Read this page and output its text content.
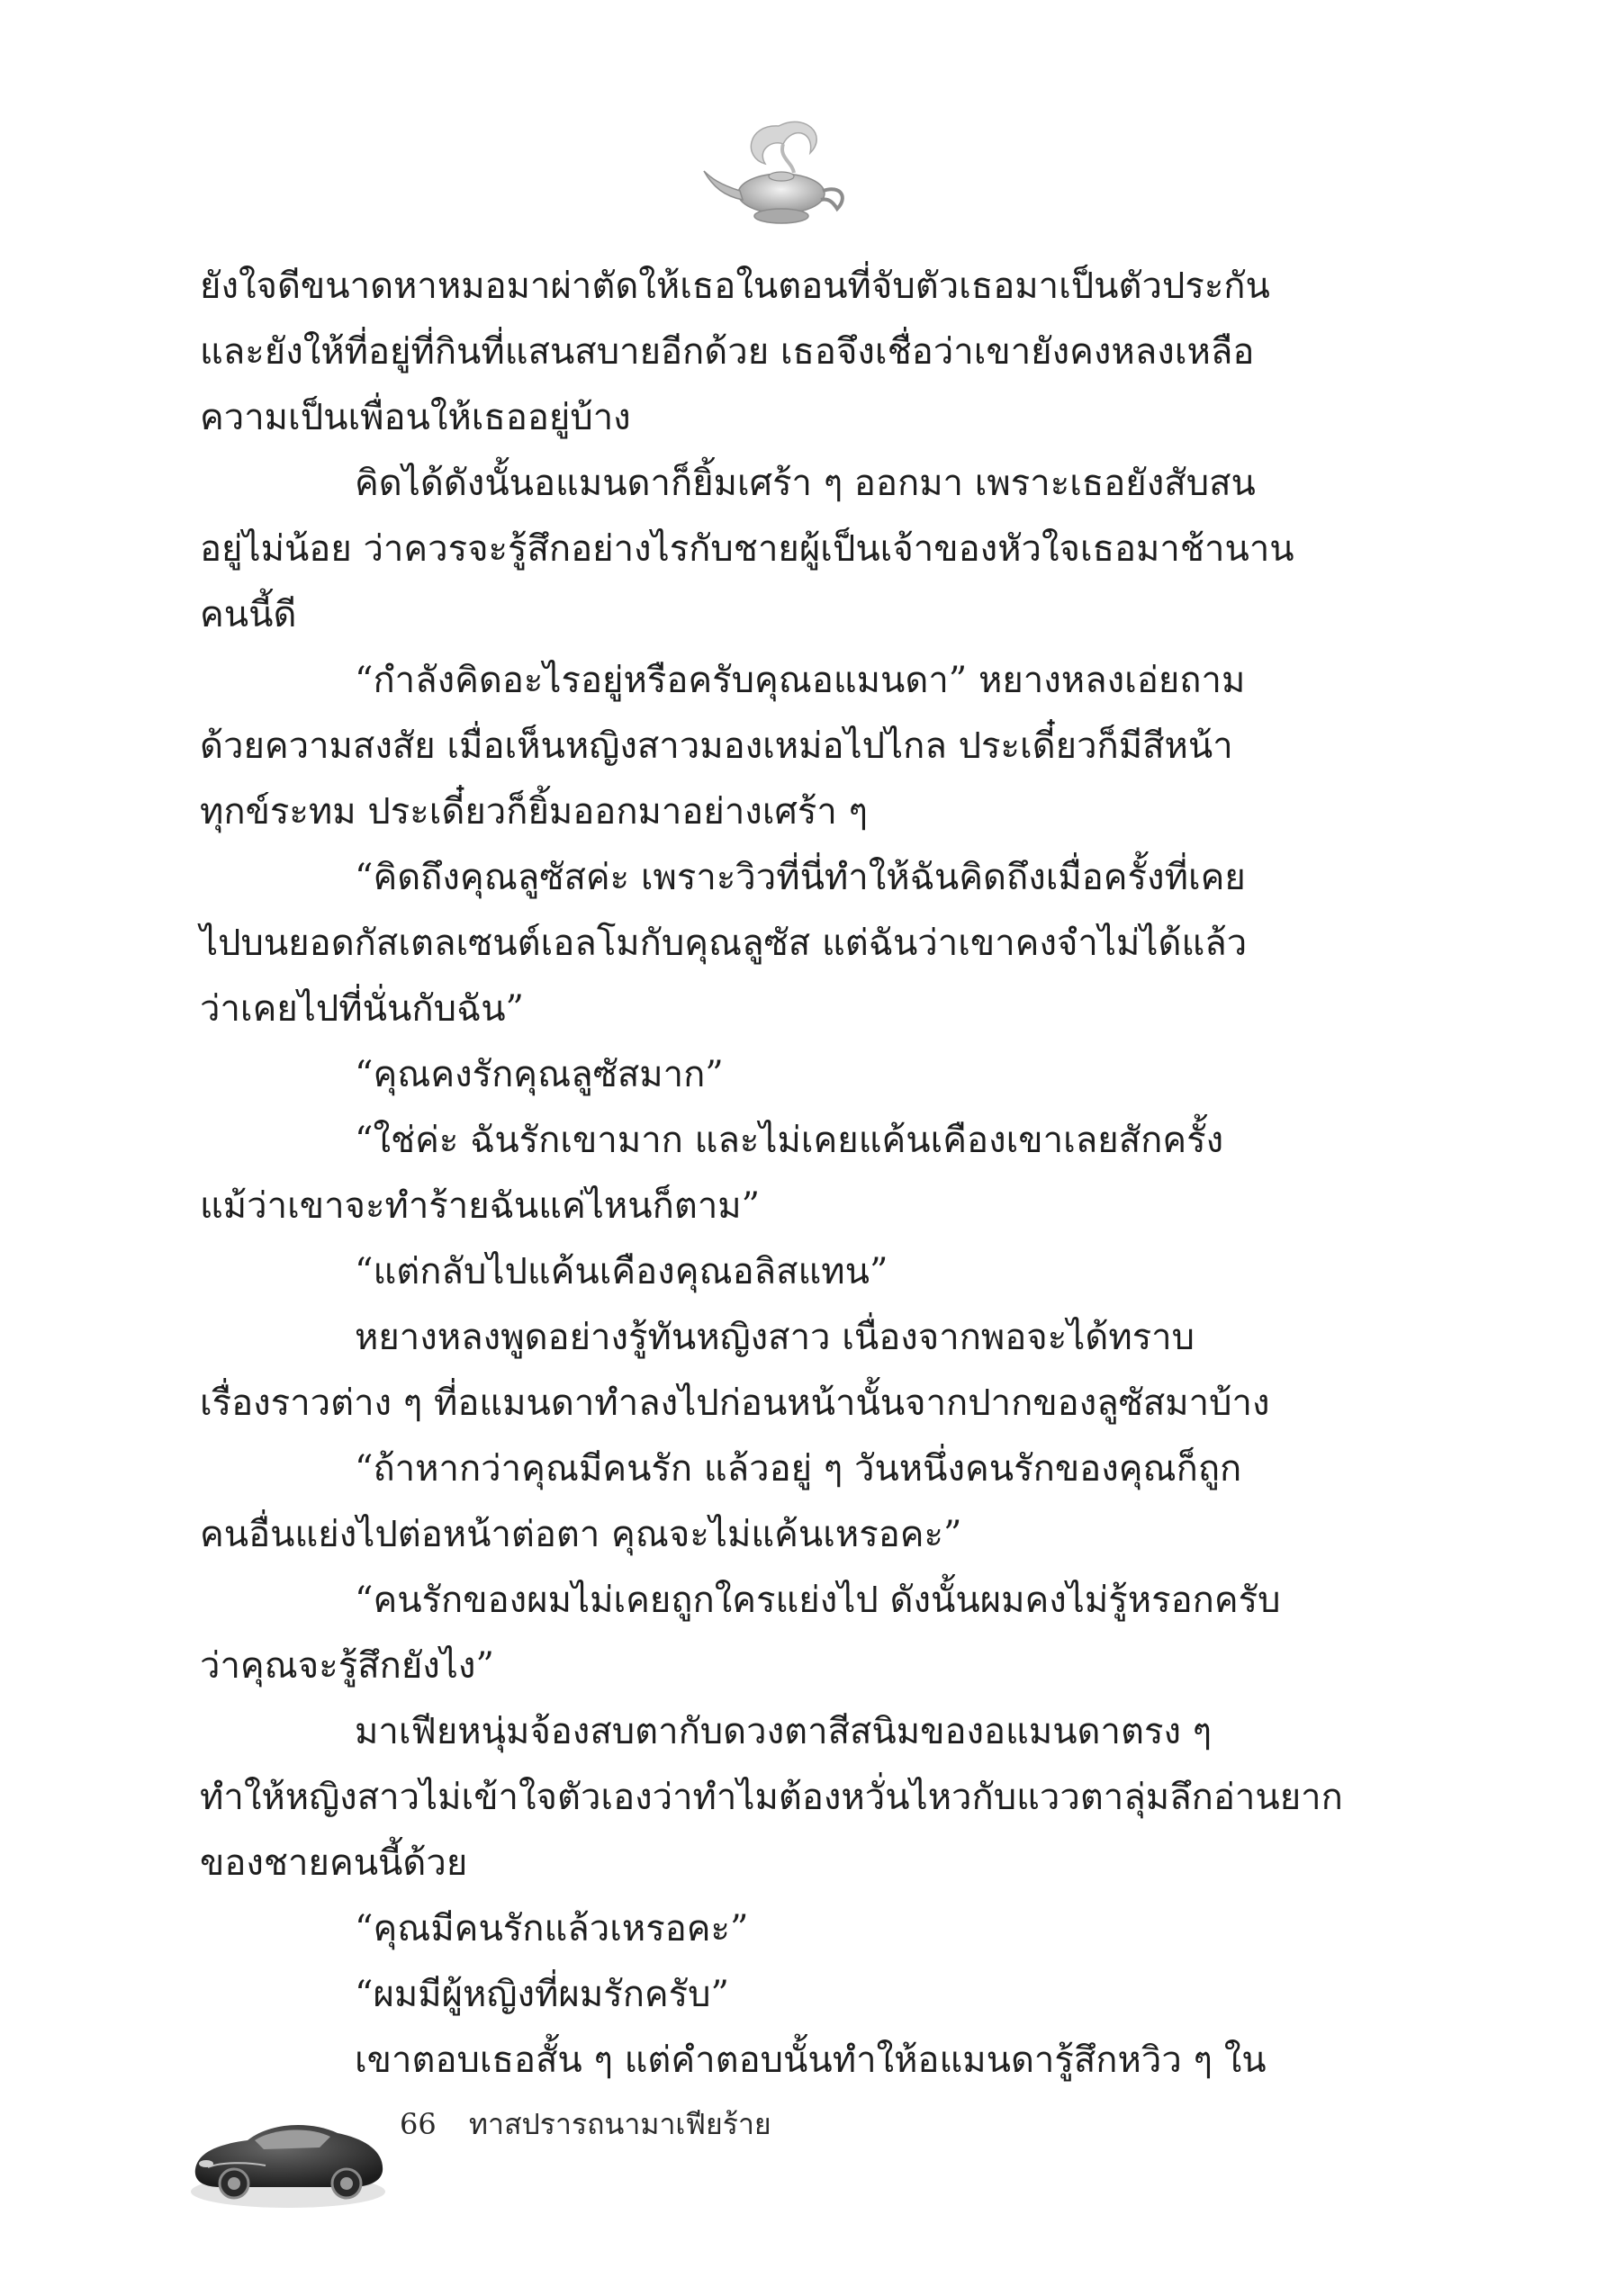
ยังใจดีขนาดหาหมอมาผ่าตัดให้เธอในตอนที่จับตัวเธอมาเป็นตัวประกัน
และยังให้ที่อยู่ที่กินที่แสนสบายอีกด้วย เธอจึงเชื่อว่าเขายังคงหลงเหลือ
ความเป็นเพื่อนให้เธออยู่บ้าง
คิดได้ดังนั้นอแมนดาก็ยิ้มเศร้า ๆ ออกมา เพราะเธอยังสับสน
อยู่ไม่น้อย ว่าควรจะรู้สึกอย่างไรกับชายผู้เป็นเจ้าของหัวใจเธอมาช้านาน
คนนี้ดี
“กำลังคิดอะไรอยู่หรือครับคุณอแมนดา” หยางหลงเอ่ยถาม
ด้วยความสงสัย เมื่อเห็นหญิงสาวมองเหม่อไปไกล ประเดี๋ยวก็มีสีหน้า
ทุกข์ระทม ประเดี๋ยวก็ยิ้มออกมาอย่างเศร้า ๆ
“คิดถึงคุณลูซัสค่ะ เพราะวิวที่นี่ทำให้ฉันคิดถึงเมื่อครั้งที่เคย
ไปบนยอดกัสเตลเซนต์เอลโมกับคุณลูซัส แต่ฉันว่าเขาคงจำไม่ได้แล้ว
ว่าเคยไปที่นั่นกับฉัน”
“คุณคงรักคุณลูซัสมาก”
“ใช่ค่ะ ฉันรักเขามาก และไม่เคยแค้นเคืองเขาเลยสักครั้ง
แม้ว่าเขาจะทำร้ายฉันแค่ไหนก็ตาม”
“แต่กลับไปแค้นเคืองคุณอลิสแทน”
หยางหลงพูดอย่างรู้ทันหญิงสาว เนื่องจากพอจะได้ทราบ
เรื่องราวต่าง ๆ ที่อแมนดาทำลงไปก่อนหน้านั้นจากปากของลูซัสมาบ้าง
“ถ้าหากว่าคุณมีคนรัก แล้วอยู่ ๆ วันหนึ่งคนรักของคุณก็ถูก
คนอื่นแย่งไปต่อหน้าต่อตา คุณจะไม่แค้นเหรอคะ”
“คนรักของผมไม่เคยถูกใครแย่งไป ดังนั้นผมคงไม่รู้หรอกครับ
ว่าคุณจะรู้สึกยังไง”
มาเฟียหนุ่มจ้องสบตากับดวงตาสีสนิมของอแมนดาตรง ๆ
ทำให้หญิงสาวไม่เข้าใจตัวเองว่าทำไมต้องหวั่นไหวกับแววตาลุ่มลึกอ่านยาก
ของชายคนนี้ด้วย
“คุณมีคนรักแล้วเหรอคะ”
“ผมมีผู้หญิงที่ผมรักครับ”
เขาตอบเธอสั้น ๆ แต่คำตอบนั้นทำให้อแมนดารู้สึกหวิว ๆ ใน
66 ทาสปรารถนามาเฟียร้าย
